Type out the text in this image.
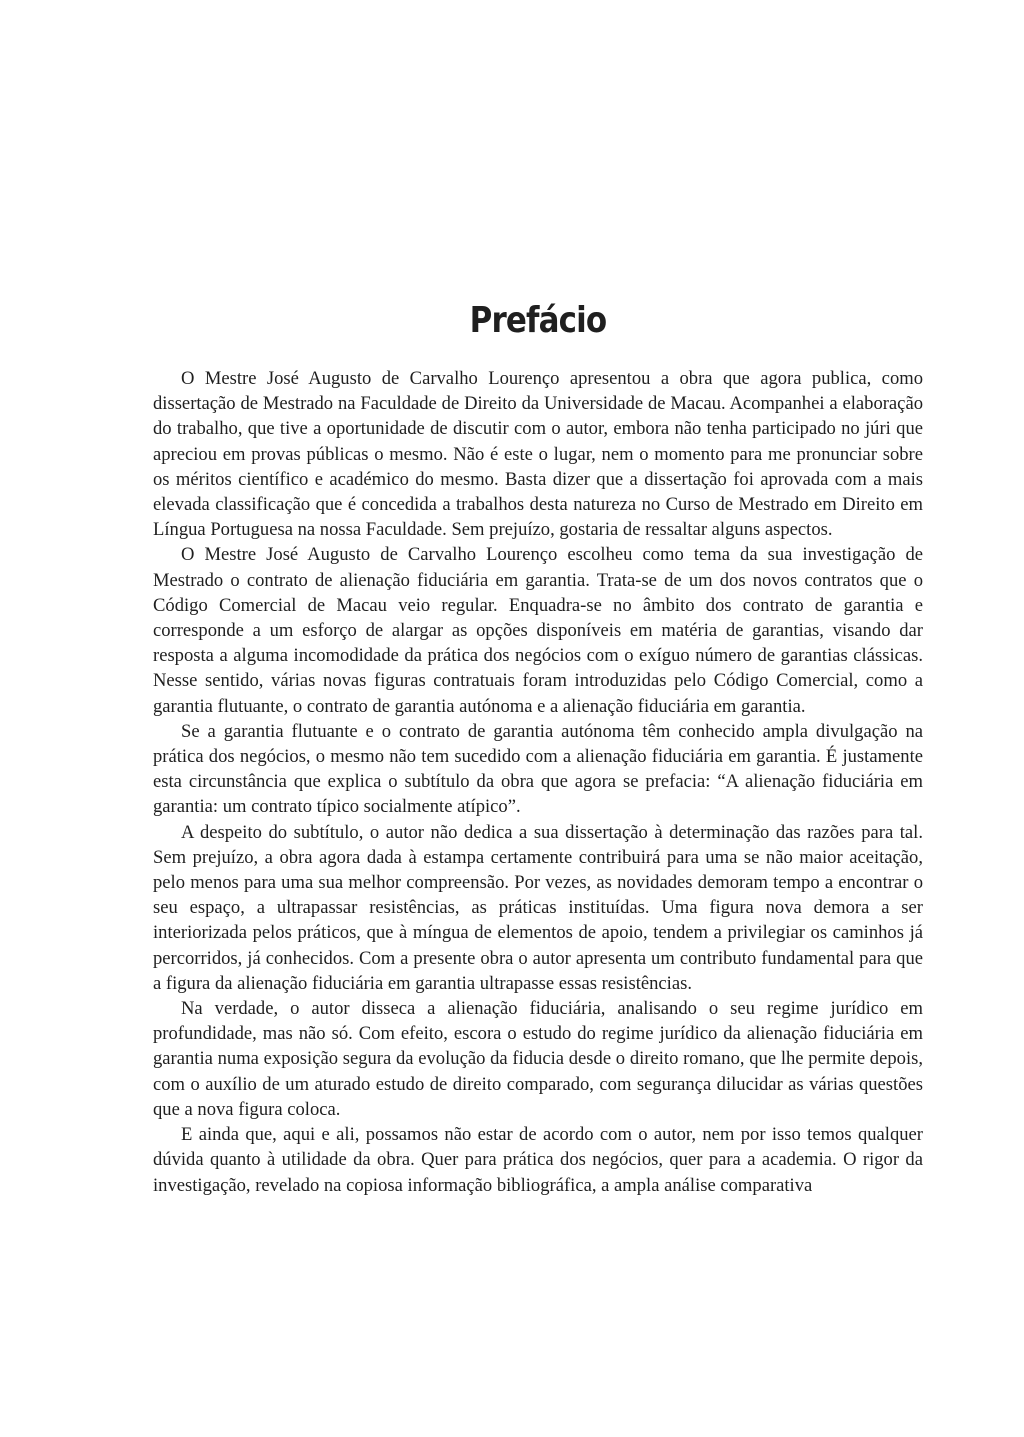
Prefácio

O Mestre José Augusto de Carvalho Lourenço apresentou a obra que agora publica, como dissertação de Mestrado na Faculdade de Direito da Universidade de Macau. Acompanhei a elaboração do trabalho, que tive a oportunidade de discutir com o autor, embora não tenha participado no júri que apreciou em provas públicas o mesmo. Não é este o lugar, nem o momento para me pronunciar sobre os méritos científico e académico do mesmo. Basta dizer que a dissertação foi aprovada com a mais elevada classificação que é concedida a trabalhos desta natureza no Curso de Mestrado em Direito em Língua Portuguesa na nossa Faculdade. Sem prejuízo, gostaria de ressaltar alguns aspectos.

O Mestre José Augusto de Carvalho Lourenço escolheu como tema da sua investigação de Mestrado o contrato de alienação fiduciária em garantia. Trata-se de um dos novos contratos que o Código Comercial de Macau veio regular. Enquadra-se no âmbito dos contrato de garantia e corresponde a um esforço de alargar as opções disponíveis em matéria de garantias, visando dar resposta a alguma incomodidade da prática dos negócios com o exíguo número de garantias clássicas. Nesse sentido, várias novas figuras contratuais foram introduzidas pelo Código Comercial, como a garantia flutuante, o contrato de garantia autónoma e a alienação fiduciária em garantia.

Se a garantia flutuante e o contrato de garantia autónoma têm conhecido ampla divulgação na prática dos negócios, o mesmo não tem sucedido com a alienação fiduciária em garantia. É justamente esta circunstância que explica o subtítulo da obra que agora se prefacia: “A alienação fiduciária em garantia: um contrato típico socialmente atípico”.

A despeito do subtítulo, o autor não dedica a sua dissertação à determinação das razões para tal. Sem prejuízo, a obra agora dada à estampa certamente contribuirá para uma se não maior aceitação, pelo menos para uma sua melhor compreensão. Por vezes, as novidades demoram tempo a encontrar o seu espaço, a ultrapassar resistências, as práticas instituídas. Uma figura nova demora a ser interiorizada pelos práticos, que à míngua de elementos de apoio, tendem a privilegiar os caminhos já percorridos, já conhecidos. Com a presente obra o autor apresenta um contributo fundamental para que a figura da alienação fiduciária em garantia ultrapasse essas resistências.

Na verdade, o autor disseca a alienação fiduciária, analisando o seu regime jurídico em profundidade, mas não só. Com efeito, escora o estudo do regime jurídico da alienação fiduciária em garantia numa exposição segura da evolução da fiducia desde o direito romano, que lhe permite depois, com o auxílio de um aturado estudo de direito comparado, com segurança dilucidar as várias questões que a nova figura coloca.

E ainda que, aqui e ali, possamos não estar de acordo com o autor, nem por isso temos qualquer dúvida quanto à utilidade da obra. Quer para prática dos negócios, quer para a academia. O rigor da investigação, revelado na copiosa informação bibliográfica, a ampla análise comparativa
